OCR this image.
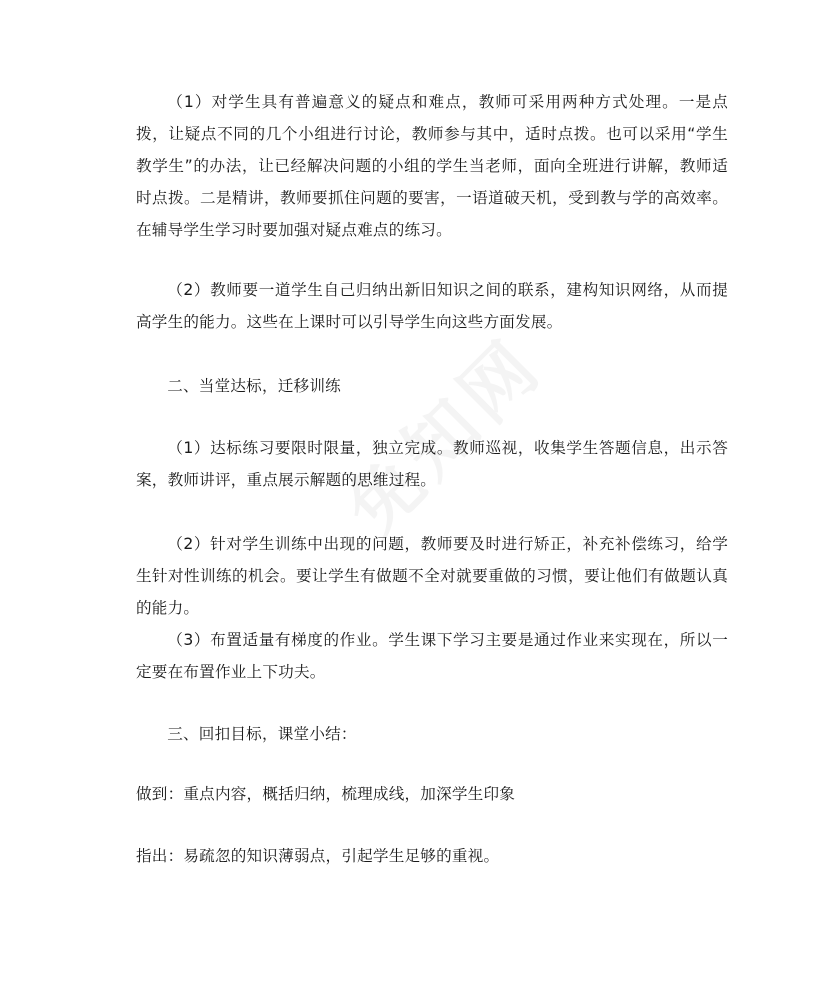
（1）对学生具有普遍意义的疑点和难点，教师可采用两种方式处理。一是点拨，让疑点不同的几个小组进行讨论，教师参与其中，适时点拨。也可以采用“学生教学生”的办法，让已经解决问题的小组的学生当老师，面向全班进行讲解，教师适时点拨。二是精讲，教师要抓住问题的要害，一语道破天机，受到教与学的高效率。在辅导学生学习时要加强对疑点难点的练习。

（2）教师要一道学生自己归纳出新旧知识之间的联系，建构知识网络，从而提高学生的能力。这些在上课时可以引导学生向这些方面发展。

二、当堂达标，迁移训练

（1）达标练习要限时限量，独立完成。教师巡视，收集学生答题信息，出示答案，教师讲评，重点展示解题的思维过程。

（2）针对学生训练中出现的问题，教师要及时进行矫正，补充补偿练习，给学生针对性训练的机会。要让学生有做题不全对就要重做的习惯，要让他们有做题认真的能力。

（3）布置适量有梯度的作业。学生课下学习主要是通过作业来实现在，所以一定要在布置作业上下功夫。

三、回扣目标，课堂小结：

做到：重点内容，概括归纳，梳理成线，加深学生印象

指出：易疏忽的知识薄弱点，引起学生足够的重视。
